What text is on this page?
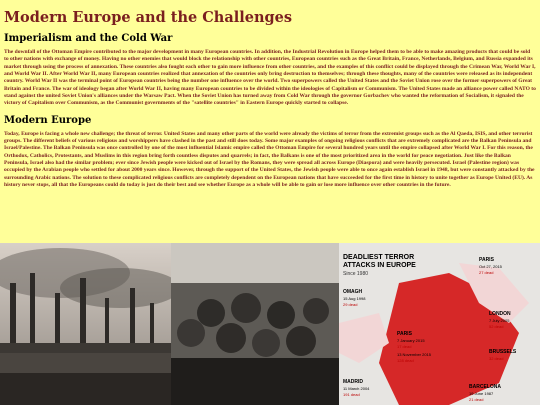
Modern Europe and the Challenges
Imperialism and the Cold War

The downfall of the Ottoman Empire contributed to the major development in many European countries. In addition, the Industrial Revolution in Europe helped them to be able to make amazing products that could be sold to other nations with exchange of money. Having no other enemies that would block the relationship with other countries, European countries such as the Great Britain, France, Netherlands, Belgium, and Russia expanded its market through using the process of annexation. These countries also fought each other to gain more influence from other countries, and the examples of this conflict could be displayed through the Crimean War, World War I, and World War II. After World War II, many European countries realized that annexation of the countries only bring destruction to themselves; through these thoughts, many of the countries were released as its independent country. World War II was the terminal point of European countries being the number one influence over the world. Two superpowers called the United States and the Soviet Union rose over the former superpowers of Great Britain and France. The war of ideology began after World War II, having many European countries to be divided within the ideologies of Capitalism or Communism. The United States made an alliance power called NATO to stand against the united Soviet Union's alliances under the Warsaw Pact. When the Soviet Union has turned away from Cold War through the governor Gorbachev who wanted the reformation of Socialism, it signaled the victory of Capitalism over Communism, as the Communist governments of the "satellite countries" in Eastern Europe quickly started to collapse.

Modern Europe

Today, Europe is facing a whole new challenge; the threat of terror. United States and many other parts of the world were already the victims of terror from the extremist groups such as the Al Qaeda, ISIS, and other terrorist groups. The different beliefs of various religious and worshippers have clashed in the past and still does today. Some major examples of ongoing religious conflicts that are extremely complicated are the Balkan Peninsula and Israel/Palestine. The Balkan Peninsula was once controlled by one of the most influential Islamic empire called the Ottoman Empire for several hundred years until the empire collapsed after World War I. For this reason, the Orthodox, Catholics, Protestants, and Muslims in this region bring forth countless disputes and quarrels; in fact, the Balkans is one of the most prioritized area in the world for peace negotiation. Just like the Balkan Peninsula, Israel also had the similar problem; ever since Jewish people were kicked out of Israel by the Romans, they were spread all across Europe (Diaspora) and were heavily persecuted. Israel (Palestine region) was occupied by the Arabian people who settled for about 2000 years since. However, through the support of the United States, the Jewish people were able to once again establish Israel in 1948, but were constantly attacked by the surrounding Arabic nations. The solution to these complicated religious conflicts are completely dependent on the European nations that have succeeded for the first time in history to unite together as Europe United (EU). As history never stops, all that the Europeans could do today is just do their best and see whether Europe as a whole will be able to gain or lose more influence over other countries in the future.

DEADLIEST TERROR
ATTACKS IN EUROPE
Since 1980
PARIS
Oct 27, 2015
27 dead
OMAGH
15 Aug 1998
29 dead
LONDON
7 July 2005
52 dead
PARIS
7 January 2015
17 dead
13 November 2015
128 dead
BRUSSELS
32 dead
MADRID
11 March 2004
191 dead
BARCELONA
19 June 1987
21 dead
